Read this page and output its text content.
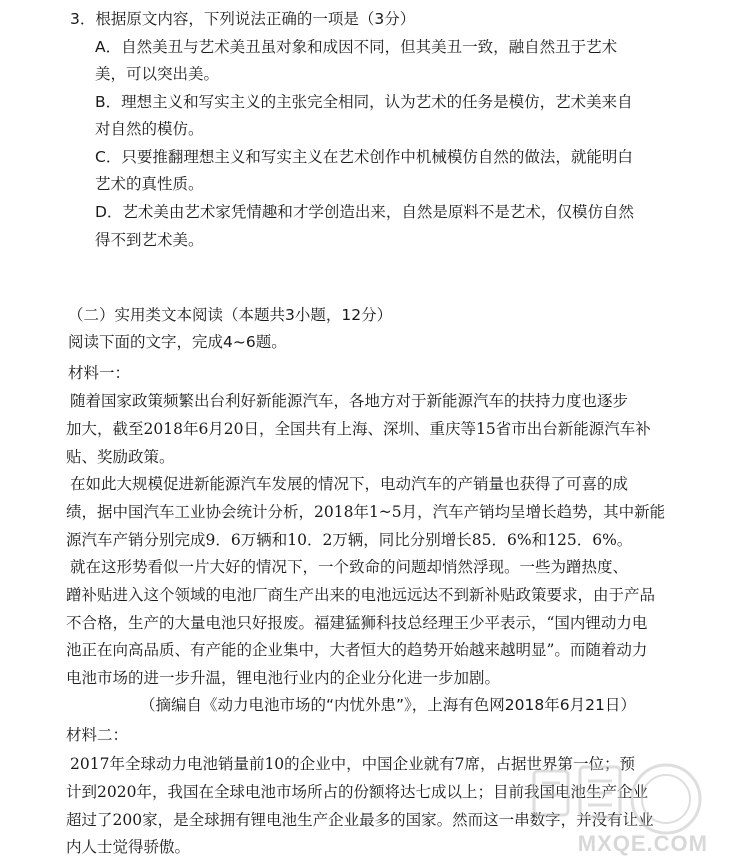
3．根据原文内容，下列说法正确的一项是（3分）
A．自然美丑与艺术美丑虽对象和成因不同，但其美丑一致，融自然丑于艺术
美，可以突出美。
B．理想主义和写实主义的主张完全相同，认为艺术的任务是模仿，艺术美来自
对自然的模仿。
C．只要推翻理想主义和写实主义在艺术创作中机械模仿自然的做法，就能明白
艺术的真性质。
D．艺术美由艺术家凭情趣和才学创造出来，自然是原料不是艺术，仅模仿自然
得不到艺术美。
（二）实用类文本阅读（本题共3小题，12分）
阅读下面的文字，完成4~6题。
材料一：
随着国家政策频繁出台利好新能源汽车，各地方对于新能源汽车的扶持力度也逐步
加大，截至2018年6月20日，全国共有上海、深圳、重庆等15省市出台新能源汽车补
贴、奖励政策。
在如此大规模促进新能源汽车发展的情况下，电动汽车的产销量也获得了可喜的成
绩，据中国汽车工业协会统计分析，2018年1~5月，汽车产销均呈增长趋势，其中新能
源汽车产销分别完成9．6万辆和10．2万辆，同比分别增长85．6%和125．6%。
就在这形势看似一片大好的情况下，一个致命的问题却悄然浮现。一些为蹭热度、
蹭补贴进入这个领域的电池厂商生产出来的电池远远达不到新补贴政策要求，由于产品
不合格，生产的大量电池只好报废。福建猛狮科技总经理王少平表示，“国内锂动力电
池正在向高品质、有产能的企业集中，大者恒大的趋势开始越来越明显”。而随着动力
电池市场的进一步升温，锂电池行业内的企业分化进一步加剧。
（摘编自《动力电池市场的“内忧外患”》，上海有色网2018年6月21日）
材料二：
2017年全球动力电池销量前10的企业中，中国企业就有7席，占据世界第一位；预
计到2020年，我国在全球电池市场所占的份额将达七成以上；目前我国电池生产企业
超过了200家，是全球拥有锂电池生产企业最多的国家。然而这一串数字，并没有让业
内人士觉得骄傲。	MXQE.COM
